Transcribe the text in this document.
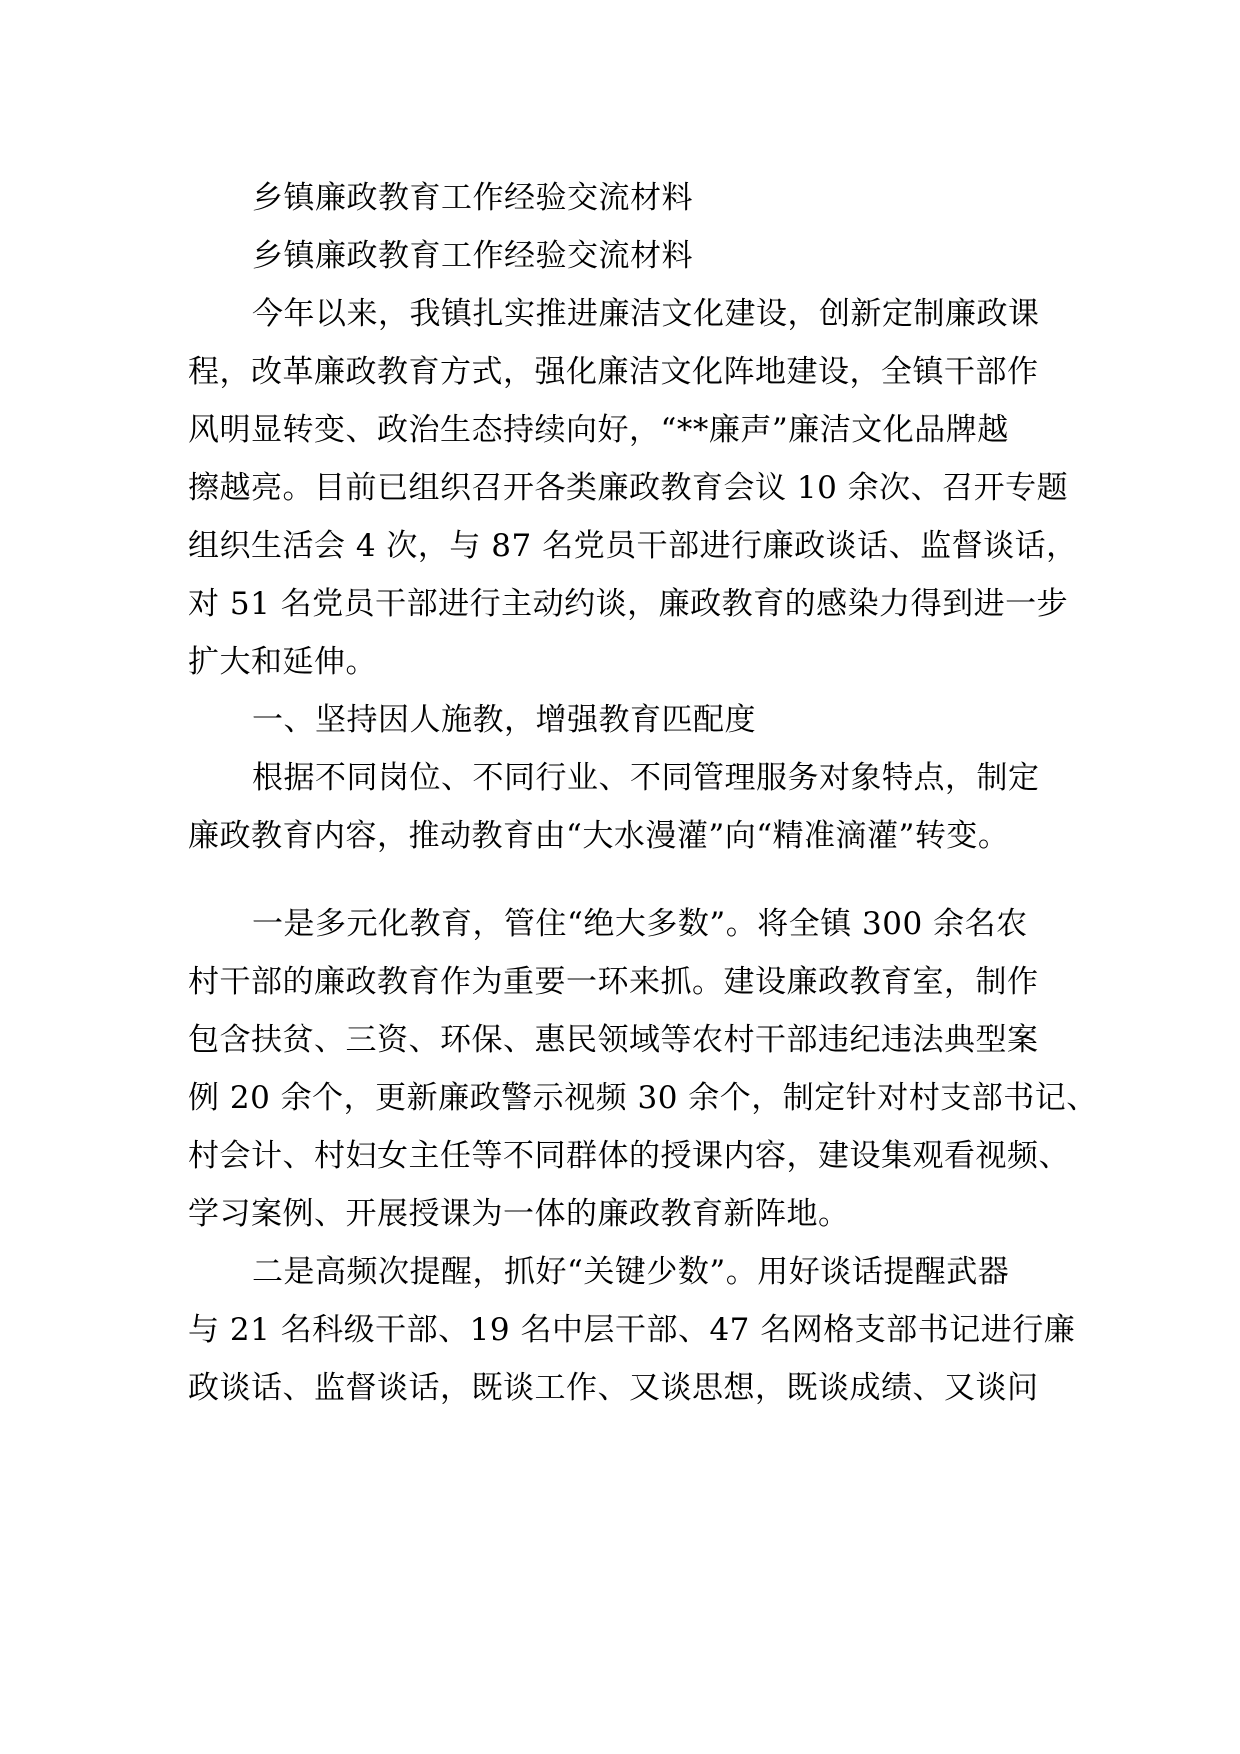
乡镇廉政教育工作经验交流材料
乡镇廉政教育工作经验交流材料
今年以来，我镇扎实推进廉洁文化建设，创新定制廉政课
程，改革廉政教育方式，强化廉洁文化阵地建设，全镇干部作
风明显转变、政治生态持续向好，“**廉声”廉洁文化品牌越
擦越亮。目前已组织召开各类廉政教育会议 10 余次、召开专题
组织生活会 4 次，与 87 名党员干部进行廉政谈话、监督谈话，
对 51 名党员干部进行主动约谈，廉政教育的感染力得到进一步
扩大和延伸。
一、坚持因人施教，增强教育匹配度
根据不同岗位、不同行业、不同管理服务对象特点，制定
廉政教育内容，推动教育由“大水漫灌”向“精准滴灌”转变。
一是多元化教育，管住“绝大多数”。将全镇 300 余名农
村干部的廉政教育作为重要一环来抓。建设廉政教育室，制作
包含扶贫、三资、环保、惠民领域等农村干部违纪违法典型案
例 20 余个，更新廉政警示视频 30 余个，制定针对村支部书记、
村会计、村妇女主任等不同群体的授课内容，建设集观看视频、
学习案例、开展授课为一体的廉政教育新阵地。
二是高频次提醒，抓好“关键少数”。用好谈话提醒武器
与 21 名科级干部、19 名中层干部、47 名网格支部书记进行廉
政谈话、监督谈话，既谈工作、又谈思想，既谈成绩、又谈问
